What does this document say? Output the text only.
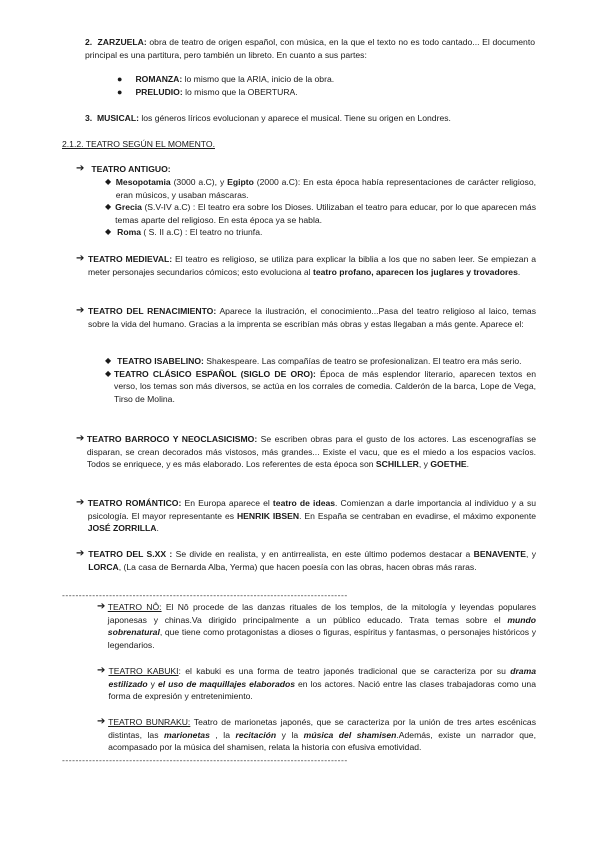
2. ZARZUELA: obra de teatro de origen español, con música, en la que el texto no es todo cantado... El documento principal es una partitura, pero también un libreto. En cuanto a sus partes:

● ROMANZA: lo mismo que la ARIA, inicio de la obra.
● PRELUDIO: lo mismo que la OBERTURA.

3. MUSICAL: los géneros líricos evolucionan y aparece el musical. Tiene su origen en Londres.

2.1.2. TEATRO SEGÚN EL MOMENTO.

➔ TEATRO ANTIGUO:
◆ Mesopotamia (3000 a.C), y Egipto (2000 a.C): En esta época había representaciones de carácter religioso, eran músicos, y usaban máscaras.
◆ Grecia (S.V-IV a.C) : El teatro era sobre los Dioses. Utilizaban el teatro para educar, por lo que aparecen más temas aparte del religioso. En esta época ya se habla.
◆ Roma ( S. II a.C) : El teatro no triunfa.
➔ TEATRO MEDIEVAL: El teatro es religioso, se utiliza para explicar la biblia a los que no saben leer. Se empiezan a meter personajes secundarios cómicos; esto evoluciona al teatro profano, aparecen los juglares y trovadores.
➔ TEATRO DEL RENACIMIENTO: Aparece la ilustración, el conocimiento...Pasa del teatro religioso al laico, temas sobre la vida del humano. Gracias a la imprenta se escribían más obras y estas llegaban a más gente. Aparece el:
◆ TEATRO ISABELINO: Shakespeare. Las compañías de teatro se profesionalizan. El teatro era más serio.
◆ TEATRO CLÁSICO ESPAÑOL (SIGLO DE ORO): Época de más esplendor literario, aparecen textos en verso, los temas son más diversos, se actúa en los corrales de comedia. Calderón de la barca, Lope de Vega, Tirso de Molina.
➔ TEATRO BARROCO Y NEOCLASICISMO: Se escriben obras para el gusto de los actores. Las escenografías se disparan, se crean decorados más vistosos, más grandes... Existe el vacu, que es el miedo a los espacios vacíos. Todos se enriquece, y es más elaborado. Los referentes de esta época son SCHILLER, y GOETHE.
➔ TEATRO ROMÁNTICO: En Europa aparece el teatro de ideas. Comienzan a darle importancia al individuo y a su psicología. El mayor representante es HENRIK IBSEN. En España se centraban en evadirse, el máximo exponente JOSÉ ZORRILLA.
➔ TEATRO DEL S.XX : Se divide en realista, y en antirrealista, en este último podemos destacar a BENAVENTE, y LORCA, (La casa de Bernarda Alba, Yerma) que hacen poesía con las obras, hacen obras más raras.
-------------------------------------------------------------------------------------
➔ TEATRO NÔ: El Nô procede de las danzas rituales de los templos, de la mitología y leyendas populares japonesas y chinas.Va dirigido principalmente a un público educado. Trata temas sobre el mundo sobrenatural, que tiene como protagonistas a dioses o figuras, espíritus y fantasmas, o personajes históricos y legendarios.
➔ TEATRO KABUKI: el kabuki es una forma de teatro japonés tradicional que se caracteriza por su drama estilizado y el uso de maquillajes elaborados en los actores. Nació entre las clases trabajadoras como una forma de expresión y entretenimiento.
➔ TEATRO BUNRAKU: Teatro de marionetas japonés, que se caracteriza por la unión de tres artes escénicas distintas, las marionetas , la recitación y la música del shamisen.Además, existe un narrador que, acompasado por la música del shamisen, relata la historia con efusiva emotividad.
-------------------------------------------------------------------------------------
